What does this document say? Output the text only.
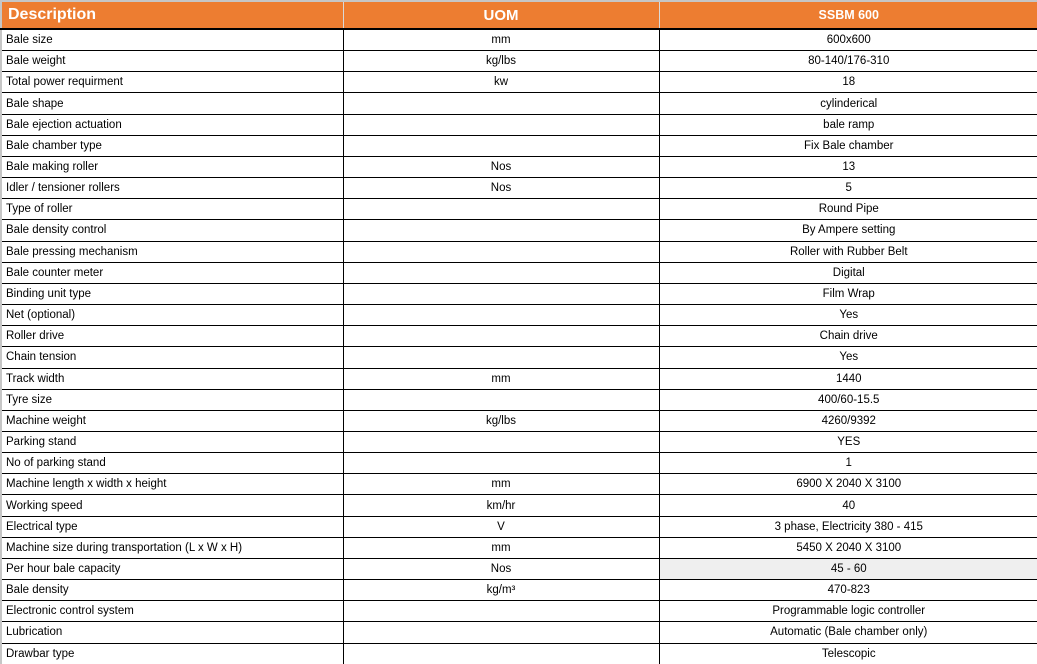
Description	UOM	SSBM 600
Bale size	mm	600x600
Bale weight	kg/lbs	80-140/176-310
Total power requirment	kw	18
Bale shape		cylinderical
Bale ejection actuation		bale ramp
Bale chamber type		Fix Bale chamber
Bale making roller	Nos	13
Idler / tensioner rollers	Nos	5
Type of roller		Round Pipe
Bale density control		By Ampere setting
Bale pressing mechanism		Roller with Rubber Belt
Bale counter meter		Digital
Binding unit type		Film Wrap
Net (optional)		Yes
Roller drive		Chain drive
Chain tension		Yes
Track width	mm	1440
Tyre size		400/60-15.5
Machine weight	kg/lbs	4260/9392
Parking stand		YES
No of parking stand		1
Machine length x width x height	mm	6900 X 2040 X 3100
Working speed	km/hr	40
Electrical type	V	3 phase, Electricity 380 - 415
Machine size during transportation (L x W x H)	mm	5450 X 2040 X 3100
Per hour bale capacity	Nos	45 - 60
Bale density	kg/m³	470-823
Electronic control system		Programmable logic controller
Lubrication		Automatic (Bale chamber only)
Drawbar type		Telescopic
